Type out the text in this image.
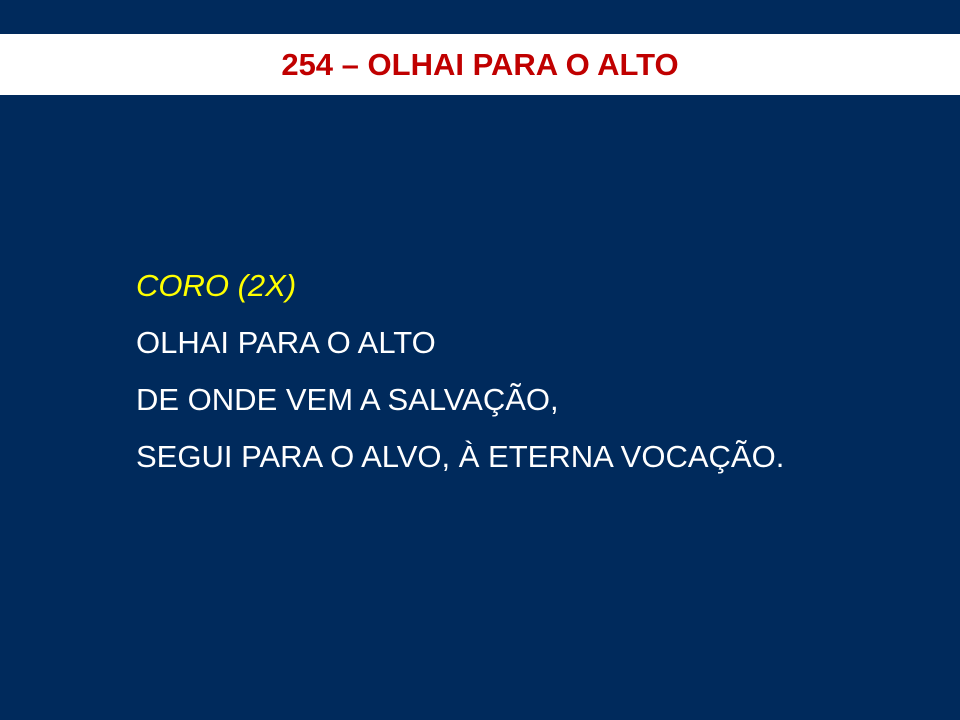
254 – OLHAI PARA O ALTO
CORO (2X)
OLHAI PARA O ALTO
DE ONDE VEM A SALVAÇÃO,
SEGUI PARA O ALVO, À ETERNA VOCAÇÃO.
